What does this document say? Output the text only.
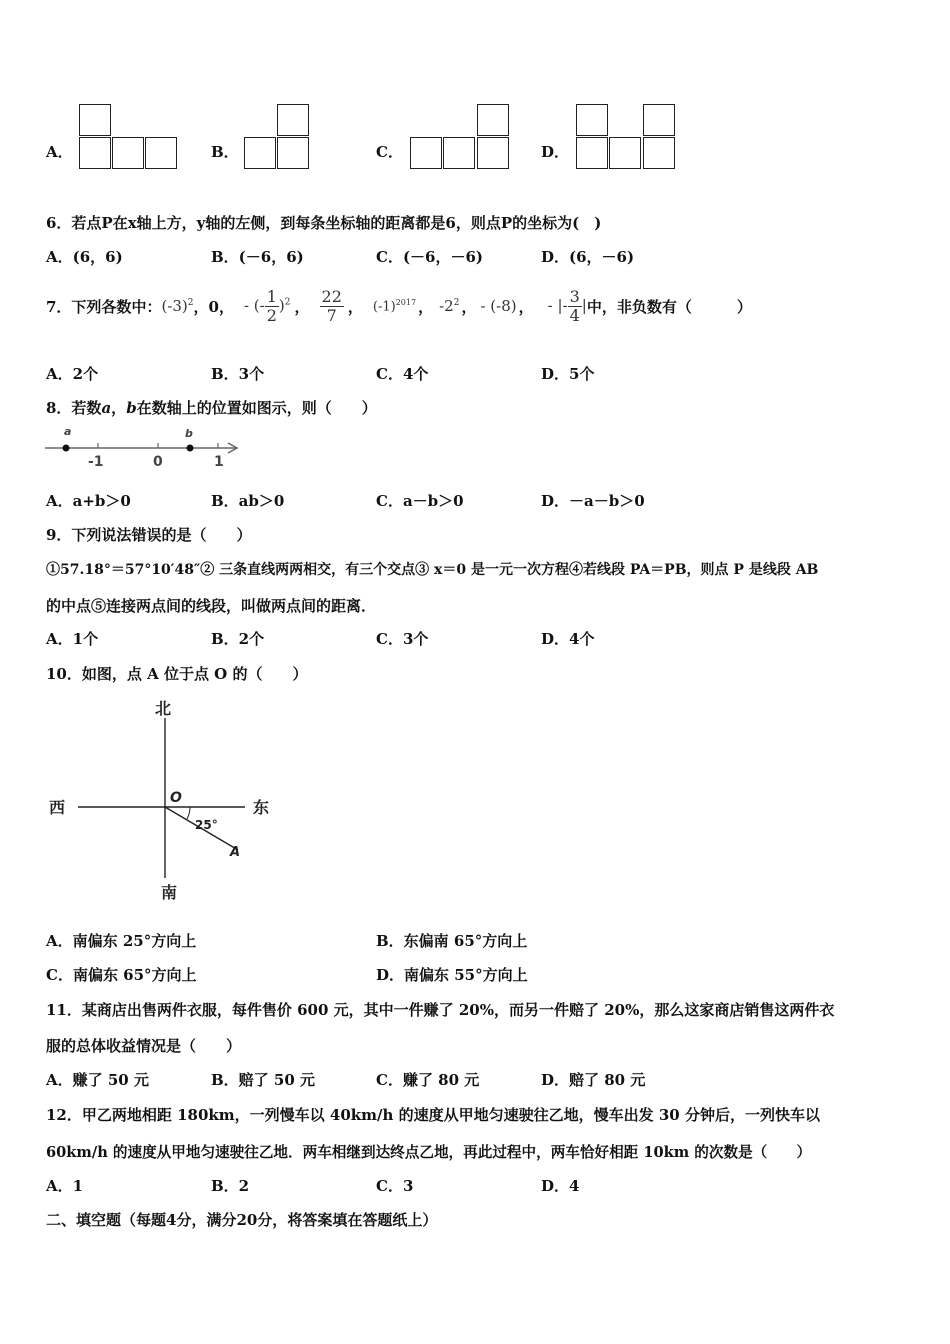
A．	B．	C．	D．
6．若点P在x轴上方，y轴的左侧，到每条坐标轴的距离都是6，则点P的坐标为(　)
A．(6，6)	B．(－6，6)	C．(－6，－6)	D．(6，－6)
7．下列各数中： $(-3)^2$ ，0， - (- $\frac{1}{2} )^2$ ， $\frac{22}{7}$ ， $(-1)^{2017}$ ， $-2^2$ ， - (-8) ， - |- $\frac{3}{4}$ | 中，非负数有（　　　）
A．2个	B．3个	C．4个	D．5个
8．若数a，b在数轴上的位置如图示，则（　　）
a	b
-1	0	1
A．a+b＞0	B．ab＞0	C．a－b＞0	D．－a－b＞0
9．下列说法错误的是（　　）
①57.18°＝57°10′48″② 三条直线两两相交，有三个交点③ x＝0 是一元一次方程④若线段 PA＝PB，则点 P 是线段 AB
的中点⑤连接两点间的线段，叫做两点间的距离．
A．1个	B．2个	C．3个	D．4个
10．如图，点 A 位于点 O 的（　　）
北
南
西	东
O
A
25°
A．南偏东 25°方向上	B．东偏南 65°方向上
C．南偏东 65°方向上	D．南偏东 55°方向上
11．某商店出售两件衣服，每件售价 600 元，其中一件赚了 20%，而另一件赔了 20%，那么这家商店销售这两件衣
服的总体收益情况是（　　）
A．赚了 50 元	B．赔了 50 元	C．赚了 80 元	D．赔了 80 元
12．甲乙两地相距 180km，一列慢车以 40km/h 的速度从甲地匀速驶往乙地，慢车出发 30 分钟后，一列快车以
60km/h 的速度从甲地匀速驶往乙地．两车相继到达终点乙地，再此过程中，两车恰好相距 10km 的次数是（　　）
A．1	B．2	C．3	D．4
二、填空题（每题4分，满分20分，将答案填在答题纸上）
